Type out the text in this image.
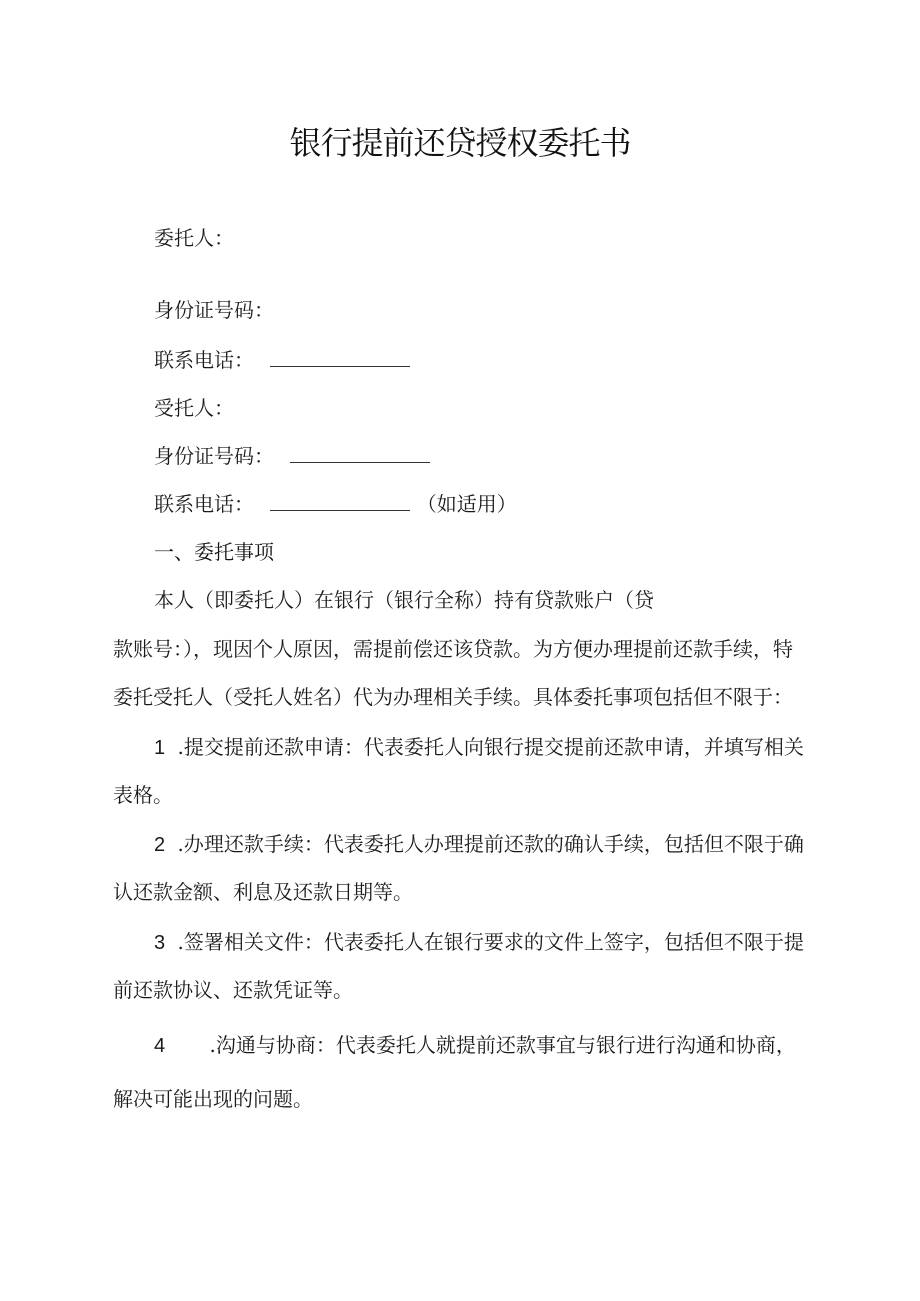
银行提前还贷授权委托书
委托人：
身份证号码：
联系电话：
受托人：
身份证号码：
联系电话：	（如适用）
一、委托事项
本人（即委托人）在银行（银行全称）持有贷款账户（贷
款账号：），现因个人原因，需提前偿还该贷款。为方便办理提前还款手续，特
委托受托人（受托人姓名）代为办理相关手续。具体委托事项包括但不限于：
1 .提交提前还款申请：代表委托人向银行提交提前还款申请，并填写相关
表格。
2 .办理还款手续：代表委托人办理提前还款的确认手续，包括但不限于确
认还款金额、利息及还款日期等。
3 .签署相关文件：代表委托人在银行要求的文件上签字，包括但不限于提
前还款协议、还款凭证等。
4 .沟通与协商：代表委托人就提前还款事宜与银行进行沟通和协商，
解决可能出现的问题。
